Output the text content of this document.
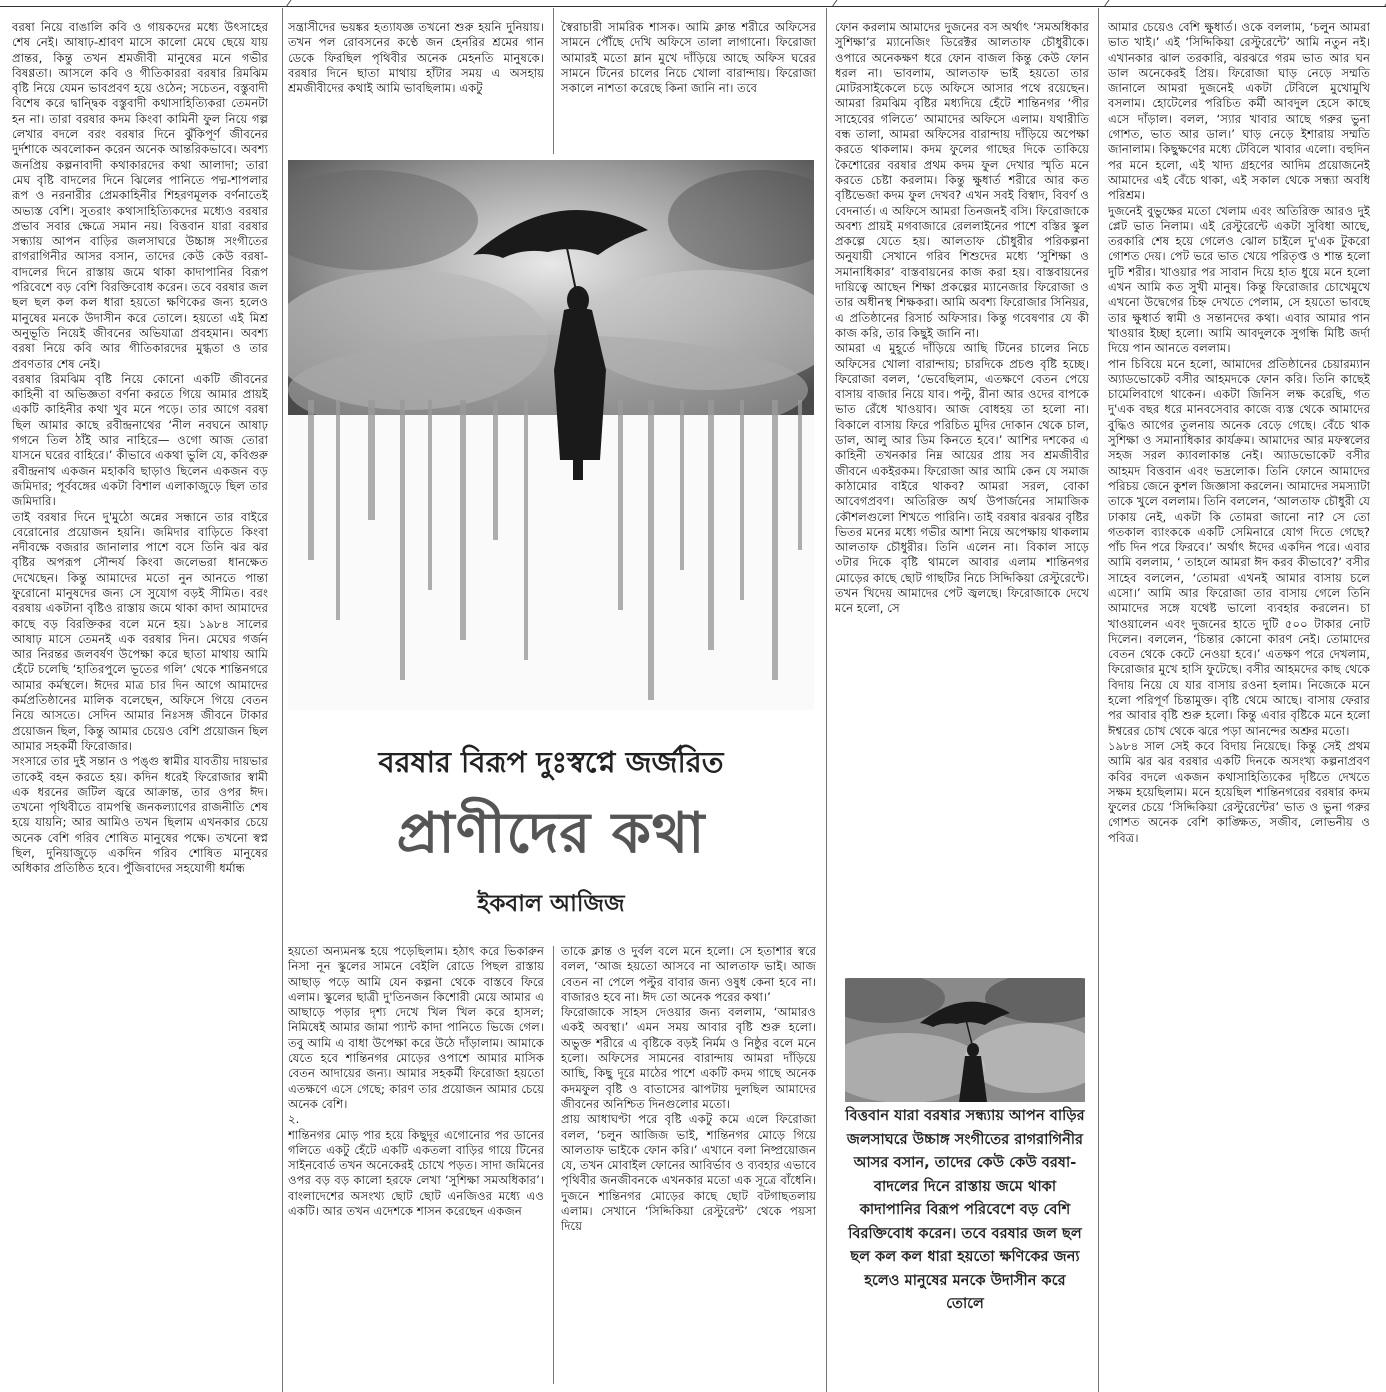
বরষা নিয়ে বাঙালি কবি ও গায়কদের মধ্যে উৎসাহের শেষ নেই। আষাঢ়-শ্রাবণ মাসে কালো মেঘে ছেয়ে যায় প্রান্তর, কিন্তু তখন শ্রমজীবী মানুষের মনে গভীর বিষণ্ণতা। আসলে কবি ও গীতিকাররা বরষার রিমঝিম বৃষ্টি নিয়ে যেমন ভাবপ্রবণ হয়ে ওঠেন; সচেতন, বস্তুবাদী বিশেষ করে দ্বান্দ্বিক বস্তুবাদী কথাসাহিত্যিকরা তেমনটা হন না। তারা বরষার কদম কিংবা কামিনী ফুল নিয়ে গল্প লেখার বদলে বরং বরষার দিনে ঝুঁকিপূর্ণ জীবনের দুর্দশাকে অবলোকন করেন অনেক আন্তরিকভাবে। অবশ্য জনপ্রিয় কল্পনাবাদী কথাকারদের কথা আলাদা; তারা মেঘ বৃষ্টি বাদলের দিনে ঝিলের পানিতে পদ্ম-শাপলার রূপ ও নরনারীর প্রেমকাহিনীর শিহরণমূলক বর্ণনাতেই অভ্যস্ত বেশি। সুতরাং কথাসাহিত্যিকদের মধ্যেও বরষার প্রভাব সবার ক্ষেত্রে সমান নয়। বিত্তবান যারা বরষার সন্ধ্যায় আপন বাড়ির জলসাঘরে উচ্চাঙ্গ সংগীতের রাগরাগিনীর আসর বসান, তাদের কেউ কেউ বরষা-বাদলের দিনে রাস্তায় জমে থাকা কাদাপানির বিরূপ পরিবেশে বড় বেশি বিরক্তিবোধ করেন। তবে বরষার জল ছল ছল কল কল ধারা হয়তো ক্ষণিকের জন্য হলেও মানুষের মনকে উদাসীন করে তোলে। হয়তো এই মিশ্র অনুভূতি নিয়েই জীবনের অভিযাত্রা প্রবহমান। অবশ্য বরষা নিয়ে কবি আর গীতিকারদের মুগ্ধতা ও তার প্রবণতার শেষ নেই।

বরষার রিমঝিম বৃষ্টি নিয়ে কোনো একটি জীবনের কাহিনী বা অভিজ্ঞতা বর্ণনা করতে গিয়ে আমার প্রায়ই একটি কাহিনীর কথা খুব মনে পড়ে। তার আগে বরষা ছিল আমার কাছে রবীন্দ্রনাথের ‘নীল নবঘনে আষাঢ় গগনে তিল ঠাঁই আর নাহিরে— ওগো আজ তোরা যাসনে ঘরের বাহিরে।’ কীভাবে একথা ভুলি যে, কবিগুরু রবীন্দ্রনাথ একজন মহাকবি ছাড়াও ছিলেন একজন বড় জমিদার; পূর্ববঙ্গের একটা বিশাল এলাকাজুড়ে ছিল তার জমিদারি।

তাই বরষার দিনে দু'মুঠো অন্নের সন্ধানে তার বাইরে বেরোনোর প্রয়োজন হয়নি। জমিদার বাড়িতে কিংবা নদীবক্ষে বজরার জানালার পাশে বসে তিনি ঝর ঝর বৃষ্টির অপরূপ সৌন্দর্য কিংবা জলেভরা ধানক্ষেত দেখেছেন। কিন্তু আমাদের মতো নুন আনতে পান্তা ফুরোনো মানুষদের জন্য সে সুযোগ বড়ই সীমিত। বরং বরষায় একটানা বৃষ্টিও রাস্তায় জমে থাকা কাদা আমাদের কাছে বড় বিরক্তিকর বলে মনে হয়। ১৯৮৪ সালের আষাঢ় মাসে তেমনই এক বরষার দিন। মেঘের গর্জন আর নিরন্তর জলবর্ষণ উপেক্ষা করে ছাতা মাথায় আমি হেঁটে চলেছি ‘হাতিরপুলে ভূতের গলি’ থেকে শান্তিনগরে আমার কর্মস্থলে। ঈদের মাত্র চার দিন আগে আমাদের কর্মপ্রতিষ্ঠানের মালিক বলেছেন, অফিসে গিয়ে বেতন নিয়ে আসতে। সেদিন আমার নিঃসঙ্গ জীবনে টাকার প্রয়োজন ছিল, কিন্তু আমার চেয়েও বেশি প্রয়োজন ছিল আমার সহকর্মী ফিরোজার।

সংসারে তার দুই সন্তান ও পঙ্গু স্বামীর যাবতীয় দায়ভার তাকেই বহন করতে হয়। কদিন ধরেই ফিরোজার স্বামী এক ধরনের জটিল জ্বরে আক্রান্ত, তার ওপর ঈদ। তখনো পৃথিবীতে বামপন্থি জনকল্যাণের রাজনীতি শেষ হয়ে যায়নি; আর আমিও তখন ছিলাম এখনকার চেয়ে অনেক বেশি গরিব শোষিত মানুষের পক্ষে। তখনো স্বপ্ন ছিল, দুনিয়াজুড়ে একদিন গরিব শোষিত মানুষের অধিকার প্রতিষ্ঠিত হবে। পুঁজিবাদের সহযোগী ধর্মান্ধ

সন্ত্রাসীদের ভয়ঙ্কর হত্যাযজ্ঞ তখনো শুরু হয়নি দুনিয়ায়। তখন পল রোবসনের কণ্ঠে জন হেনরির শ্রমের গান ডেকে ফিরছিল পৃথিবীর অনেক মেহনতি মানুষকে। বরষার দিনে ছাতা মাথায় হাঁটার সময় এ অসহায় শ্রমজীবীদের কথাই আমি ভাবছিলাম। একটু

স্বৈরাচারী সামরিক শাসক। আমি ক্লান্ত শরীরে অফিসের সামনে পৌঁছে দেখি অফিসে তালা লাগানো। ফিরোজা আমারই মতো ম্লান মুখে দাঁড়িয়ে আছে অফিস ঘরের সামনে টিনের চালের নিচে খোলা বারান্দায়। ফিরোজা সকালে নাশতা করেছে কিনা জানি না। তবে

বরষার বিরূপ দুঃস্বপ্নে জর্জরিত
প্রাণীদের কথা
ইকবাল আজিজ

হয়তো অন্যমনস্ক হয়ে পড়েছিলাম। হঠাৎ করে ভিকারুন নিসা নূন স্কুলের সামনে বেইলি রোডে পিছল রাস্তায় আছাড় পড়ে আমি যেন কল্পনা থেকে বাস্তবে ফিরে এলাম। স্কুলের ছাত্রী দু'তিনজন কিশোরী মেয়ে আমার এ আছাড়ে পড়ার দৃশ্য দেখে খিল খিল করে হাসল; নিমিষেই আমার জামা প্যান্ট কাদা পানিতে ভিজে গেল। তবু আমি এ বাধা উপেক্ষা করে উঠে দাঁড়ালাম। আমাকে যেতে হবে শান্তিনগর মোড়ের ওপাশে আমার মাসিক বেতন আদায়ের জন্য। আমার সহকর্মী ফিরোজা হয়তো এতক্ষণে এসে গেছে; কারণ তার প্রয়োজন আমার চেয়ে অনেক বেশি।

২.

শান্তিনগর মোড় পার হয়ে কিছুদূর এগোনোর পর ডানের গলিতে একটু হেঁটে একটি একতলা বাড়ির গায়ে টিনের সাইনবোর্ড তখন অনেকেরই চোখে পড়ত। সাদা জমিনের ওপর বড় বড় কালো হরফে লেখা ‘সুশিক্ষা সমঅধিকার’। বাংলাদেশের অসংখ্য ছোট ছোট এনজিওর মধ্যে এও একটি। আর তখন এদেশকে শাসন করেছেন একজন

তাকে ক্লান্ত ও দুর্বল বলে মনে হলো। সে হতাশার স্বরে বলল, ‘আজ হয়তো আসবে না আলতাফ ভাই। আজ বেতন না পেলে পল্টুর বাবার জন্য ওষুধ কেনা হবে না। বাজারও হবে না। ঈদ তো অনেক পরের কথা।’

ফিরোজাকে সাহস দেওয়ার জন্য বললাম, ‘আমারও একই অবস্থা।’ এমন সময় আবার বৃষ্টি শুরু হলো। অভুক্ত শরীরে এ বৃষ্টিকে বড়ই নির্মম ও নিষ্ঠুর বলে মনে হলো। অফিসের সামনের বারান্দায় আমরা দাঁড়িয়ে আছি, কিছু দূরে মাঠের পাশে একটি কদম গাছে অনেক কদমফুল বৃষ্টি ও বাতাসের ঝাপটায় দুলছিল আমাদের জীবনের অনিশ্চিত দিনগুলোর মতো।

প্রায় আধাঘণ্টা পরে বৃষ্টি একটু কমে এলে ফিরোজা বলল, ‘চলুন আজিজ ভাই, শান্তিনগর মোড়ে গিয়ে আলতাফ ভাইকে ফোন করি।’ এখানে বলা নিষ্প্রয়োজন যে, তখন মোবাইল ফোনের আবির্ভাব ও ব্যবহার এভাবে পৃথিবীর জনজীবনকে এখনকার মতো এক সূত্রে বাঁধেনি। দুজনে শান্তিনগর মোড়ের কাছে ছোট বটগাছতলায় এলাম। সেখানে ‘সিদ্দিকিয়া রেস্টুরেন্ট’ থেকে পয়সা দিয়ে

ফোন করলাম আমাদের দুজনের বস অর্থাৎ ‘সমঅধিকার সুশিক্ষা’র ম্যানেজিং ডিরেক্টর আলতাফ চৌধুরীকে। ওপারে অনেকক্ষণ ধরে ফোন বাজল কিন্তু কেউ ফোন ধরল না। ভাবলাম, আলতাফ ভাই হয়তো তার মোটরসাইকেলে চড়ে অফিসে আসার পথে রয়েছেন। আমরা রিমঝিম বৃষ্টির মধ্যদিয়ে হেঁটে শান্তিনগর ‘পীর সাহেবের গলিতে’ আমাদের অফিসে এলাম। যথারীতি বন্ধ তালা, আমরা অফিসের বারান্দায় দাঁড়িয়ে অপেক্ষা করতে থাকলাম। কদম ফুলের গাছের দিকে তাকিয়ে কৈশোরের বরষার প্রথম কদম ফুল দেখার স্মৃতি মনে করতে চেষ্টা করলাম। কিন্তু ক্ষুধার্ত শরীরে আর কত বৃষ্টিভেজা কদম ফুল দেখব? এখন সবই বিস্বাদ, বিবর্ণ ও বেদনার্ত। এ অফিসে আমরা তিনজনই বসি। ফিরোজাকে অবশ্য প্রায়ই মগবাজারে রেললাইনের পাশে বস্তির স্কুল প্রকল্পে যেতে হয়। আলতাফ চৌধুরীর পরিকল্পনা অনুযায়ী সেখানে গরিব শিশুদের মধ্যে ‘সুশিক্ষা ও সমানাধিকার’ বাস্তবায়নের কাজ করা হয়। বাস্তবায়নের দায়িত্বে আছেন শিক্ষা প্রকল্পের ম্যানেজার ফিরোজা ও তার অধীনস্থ শিক্ষকরা। আমি অবশ্য ফিরোজার সিনিয়র, এ প্রতিষ্ঠানের রিসার্চ অফিসার। কিন্তু গবেষণার যে কী কাজ করি, তার কিছুই জানি না।

আমরা এ মুহূর্তে দাঁড়িয়ে আছি টিনের চালের নিচে অফিসের খোলা বারান্দায়; চারদিকে প্রচণ্ড বৃষ্টি হচ্ছে। ফিরোজা বলল, ‘ভেবেছিলাম, এতক্ষণে বেতন পেয়ে বাসায় বাজার নিয়ে যাব। পল্টু, রীনা আর ওদের বাপকে ভাত রেঁধে খাওয়াব। আজ বোধহয় তা হলো না। বিকালে বাসায় ফিরে পরিচিত মুদির দোকান থেকে চাল, ডাল, আলু আর ডিম কিনতে হবে।’ আশির দশকের এ কাহিনী তখনকার নিম্ন আয়ের প্রায় সব শ্রমজীবীর জীবনে একইরকম। ফিরোজা আর আমি কেন যে সমাজ কাঠামোর বাইরে থাকব? আমরা সরল, বোকা আবেগপ্রবণ। অতিরিক্ত অর্থ উপার্জনের সামাজিক কৌশলগুলো শিখতে পারিনি। তাই বরষার ঝরঝর বৃষ্টির ভিতর মনের মধ্যে গভীর আশা নিয়ে অপেক্ষায় থাকলাম আলতাফ চৌধুরীর। তিনি এলেন না। বিকাল সাড়ে ৩টার দিকে বৃষ্টি থামলে আবার এলাম শান্তিনগর মোড়ের কাছে ছোট গাছটির নিচে সিদ্দিকিয়া রেস্টুরেন্টে। তখন খিদেয় আমাদের পেট জ্বলছে। ফিরোজাকে দেখে মনে হলো, সে

বিত্তবান যারা বরষার সন্ধ্যায় আপন বাড়ির জলসাঘরে উচ্চাঙ্গ সংগীতের রাগরাগিনীর আসর বসান, তাদের কেউ কেউ বরষা-বাদলের দিনে রাস্তায় জমে থাকা কাদাপানির বিরূপ পরিবেশে বড় বেশি বিরক্তিবোধ করেন। তবে বরষার জল ছল ছল কল কল ধারা হয়তো ক্ষণিকের জন্য হলেও মানুষের মনকে উদাসীন করে তোলে

আমার চেয়েও বেশি ক্ষুধার্ত। ওকে বললাম, ‘চলুন আমরা ভাত খাই।’ এই ‘সিদ্দিকিয়া রেস্টুরেন্টে’ আমি নতুন নই। এখানকার ঝাল তরকারি, ঝরঝরে গরম ভাত আর ঘন ডাল অনেকেরই প্রিয়। ফিরোজা ঘাড় নেড়ে সম্মতি জানালে আমরা দুজনেই একটা টেবিলে মুখোমুখি বসলাম। হোটেলের পরিচিত কর্মী আবদুল হেসে কাছে এসে দাঁড়াল। বলল, ‘স্যার খাবার আছে গরুর ভুনা গোশত, ভাত আর ডাল।’ ঘাড় নেড়ে ইশারায় সম্মতি জানালাম। কিছুক্ষণের মধ্যে টেবিলে খাবার এলো। বহুদিন পর মনে হলো, এই খাদ্য গ্রহণের আদিম প্রয়োজনেই আমাদের এই বেঁচে থাকা, এই সকাল থেকে সন্ধ্যা অবধি পরিশ্রম।

দুজনেই বুভুক্ষের মতো খেলাম এবং অতিরিক্ত আরও দুই প্লেট ভাত নিলাম। এই রেস্টুরেন্টে একটা সুবিধা আছে, তরকারি শেষ হয়ে গেলেও ঝোল চাইলে দু'এক টুকরো গোশত দেয়। পেট ভরে ভাত খেয়ে পরিতৃপ্ত ও শান্ত হলো দুটি শরীর। খাওয়ার পর সাবান দিয়ে হাত ধুয়ে মনে হলো এখন আমি কত সুখী মানুষ। কিন্তু ফিরোজার চোখেমুখে এখনো উদ্বেগের চিহ্ন দেখতে পেলাম, সে হয়তো ভাবছে তার ক্ষুধার্ত স্বামী ও সন্তানদের কথা। এবার আমার পান খাওয়ার ইচ্ছা হলো। আমি আবদুলকে সুগন্ধি মিষ্টি জর্দা দিয়ে পান আনতে বললাম।

পান চিবিয়ে মনে হলো, আমাদের প্রতিষ্ঠানের চেয়ারম্যান অ্যাডভোকেট বসীর আহমদকে ফোন করি। তিনি কাছেই চামেলিবাগে থাকেন। একটা জিনিস লক্ষ করেছি, গত দু'এক বছর ধরে মানবসেবার কাজে ব্যস্ত থেকে আমাদের বুদ্ধিও আগের তুলনায় অনেক বেড়ে গেছে। বেঁচে থাক সুশিক্ষা ও সমানাধিকার কার্যক্রম। আমাদের আর মফস্বলের সহজ সরল ক্যাবলাকান্ত নেই। অ্যাডভোকেট বসীর আহমদ বিত্তবান এবং ভদ্রলোক। তিনি ফোনে আমাদের পরিচয় জেনে কুশল জিজ্ঞাসা করলেন। আমাদের সমস্যাটা তাকে খুলে বললাম। তিনি বললেন, ‘আলতাফ চৌধুরী যে ঢাকায় নেই, একটা কি তোমরা জানো না? সে তো গতকাল ব্যাংককে একটি সেমিনারে যোগ দিতে গেছে? পাঁচ দিন পরে ফিরবে।’ অর্থাৎ ঈদের একদিন পরে। এবার আমি বললাম, ‘ তাহলে আমরা ঈদ করব কীভাবে?’ বসীর সাহেব বললেন, ‘তোমরা এখনই আমার বাসায় চলে এসো।’ আমি আর ফিরোজা তার বাসায় গেলে তিনি আমাদের সঙ্গে যথেষ্ট ভালো ব্যবহার করলেন। চা খাওয়ালেন এবং দুজনের হাতে দুটি ৫০০ টাকার নোট দিলেন। বললেন, ‘চিন্তার কোনো কারণ নেই। তোমাদের বেতন থেকে কেটে নেওয়া হবে।’ এতক্ষণ পরে দেখলাম, ফিরোজার মুখে হাসি ফুটেছে। বসীর আহমদের কাছ থেকে বিদায় নিয়ে যে যার বাসায় রওনা হলাম। নিজেকে মনে হলো পরিপূর্ণ চিন্তামুক্ত। বৃষ্টি থেমে আছে। বাসায় ফেরার পর আবার বৃষ্টি শুরু হলো। কিন্তু এবার বৃষ্টিকে মনে হলো ঈশ্বরের চোখ থেকে ঝরে পড়া আনন্দের অশ্রুর মতো।

১৯৮৪ সাল সেই কবে বিদায় নিয়েছে। কিন্তু সেই প্রথম আমি ঝর ঝর বরষার একটি দিনকে অসংখ্য কল্পনাপ্রবণ কবির বদলে একজন কথাসাহিত্যিকের দৃষ্টিতে দেখতে সক্ষম হয়েছিলাম। মনে হয়েছিল শান্তিনগরের বরষার কদম ফুলের চেয়ে ‘সিদ্দিকিয়া রেস্টুরেন্টের’ ভাত ও ভুনা গরুর গোশত অনেক বেশি কাঙ্ক্ষিত, সজীব, লোভনীয় ও পবিত্র।
